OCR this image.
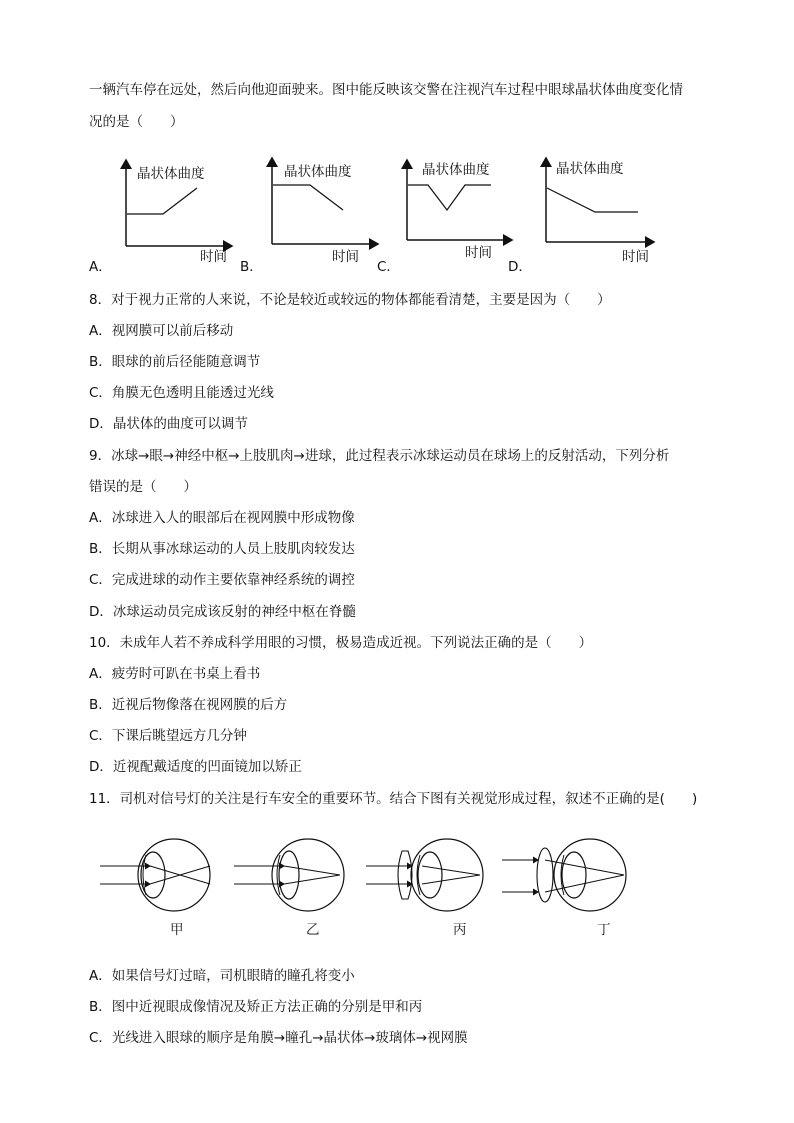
一辆汽车停在远处，然后向他迎面驶来。图中能反映该交警在注视汽车过程中眼球晶状体曲度变化情
况的是（　　）
晶状体曲度
时间
A．
晶状体曲度
时间
B．
晶状体曲度
时间
C．
晶状体曲度
时间
D．
8．对于视力正常的人来说，不论是较近或较远的物体都能看清楚，主要是因为（　　）
A．视网膜可以前后移动
B．眼球的前后径能随意调节
C．角膜无色透明且能透过光线
D．晶状体的曲度可以调节
9．冰球→眼→神经中枢→上肢肌肉→进球，此过程表示冰球运动员在球场上的反射活动，下列分析
错误的是（　　）
A．冰球进入人的眼部后在视网膜中形成物像
B．长期从事冰球运动的人员上肢肌肉较发达
C．完成进球的动作主要依靠神经系统的调控
D．冰球运动员完成该反射的神经中枢在脊髓
10．未成年人若不养成科学用眼的习惯，极易造成近视。下列说法正确的是（　　）
A．疲劳时可趴在书桌上看书
B．近视后物像落在视网膜的后方
C．下课后眺望远方几分钟
D．近视配戴适度的凹面镜加以矫正
11．司机对信号灯的关注是行车安全的重要环节。结合下图有关视觉形成过程，叙述不正确的是(　　)
甲	乙	丙	丁
A．如果信号灯过暗，司机眼睛的瞳孔将变小
B．图中近视眼成像情况及矫正方法正确的分别是甲和丙
C．光线进入眼球的顺序是角膜→瞳孔→晶状体→玻璃体→视网膜
